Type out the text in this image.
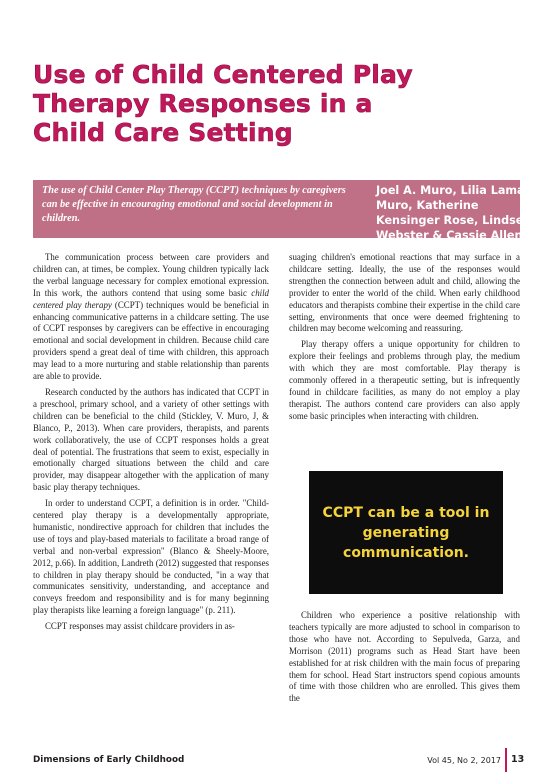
Use of Child Centered Play Therapy Responses in a Child Care Setting

The use of Child Center Play Therapy (CCPT) techniques by caregivers can be effective in encouraging emotional and social development in children.

Joel A. Muro, Lilia Lamar Muro, Katherine Kensinger Rose, Lindsey Webster & Cassie Allen

The communication process between care providers and children can, at times, be complex. Young children typically lack the verbal language necessary for complex emotional expression. In this work, the authors contend that using some basic child centered play therapy (CCPT) techniques would be beneficial in enhancing communicative patterns in a childcare setting. The use of CCPT responses by caregivers can be effective in encouraging emotional and social development in children. Because child care providers spend a great deal of time with children, this approach may lead to a more nurturing and stable relationship than parents are able to provide.

Research conducted by the authors has indicated that CCPT in a preschool, primary school, and a variety of other settings with children can be beneficial to the child (Stickley, V. Muro, J, & Blanco, P., 2013). When care providers, therapists, and parents work collaboratively, the use of CCPT responses holds a great deal of potential. The frustrations that seem to exist, especially in emotionally charged situations between the child and care provider, may disappear altogether with the application of many basic play therapy techniques.

In order to understand CCPT, a definition is in order. "Child-centered play therapy is a developmentally appropriate, humanistic, nondirective approach for children that includes the use of toys and play-based materials to facilitate a broad range of verbal and non-verbal expression" (Blanco & Sheely-Moore, 2012, p.66). In addition, Landreth (2012) suggested that responses to children in play therapy should be conducted, "in a way that communicates sensitivity, understanding, and acceptance and conveys freedom and responsibility and is for many beginning play therapists like learning a foreign language" (p. 211).

CCPT responses may assist childcare providers in as-

suaging children's emotional reactions that may surface in a childcare setting. Ideally, the use of the responses would strengthen the connection between adult and child, allowing the provider to enter the world of the child. When early childhood educators and therapists combine their expertise in the child care setting, environments that once were deemed frightening to children may become welcoming and reassuring.

Play therapy offers a unique opportunity for children to explore their feelings and problems through play, the medium with which they are most comfortable. Play therapy is commonly offered in a therapeutic setting, but is infrequently found in childcare facilities, as many do not employ a play therapist. The authors contend care providers can also apply some basic principles when interacting with children.

CCPT can be a tool in generating communication.

Children who experience a positive relationship with teachers typically are more adjusted to school in comparison to those who have not. According to Sepulveda, Garza, and Morrison (2011) programs such as Head Start have been established for at risk children with the main focus of preparing them for school. Head Start instructors spend copious amounts of time with those children who are enrolled. This gives them the

Dimensions of Early Childhood	Vol 45, No 2, 2017 13
